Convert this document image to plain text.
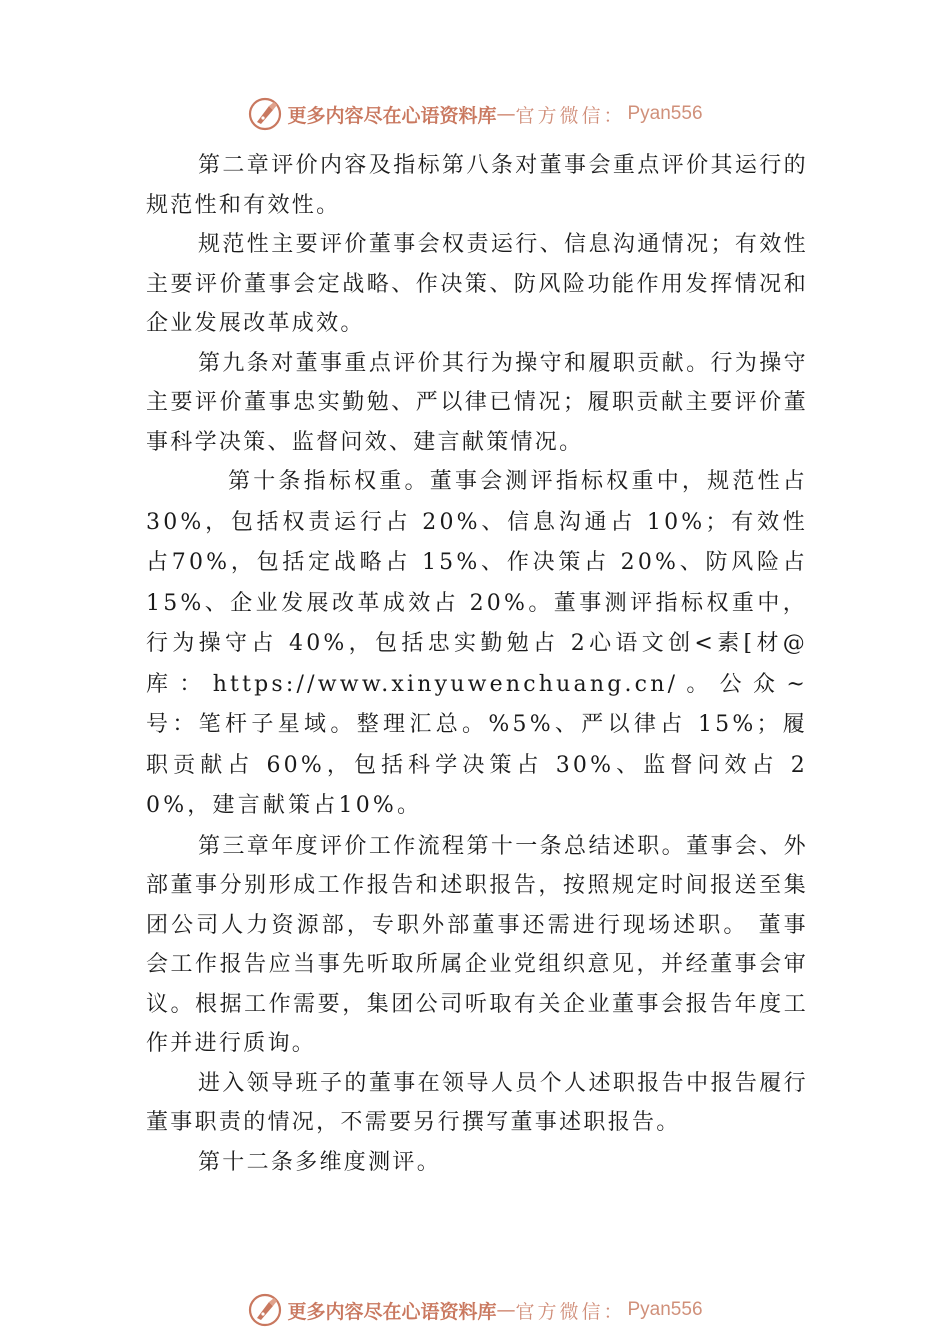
更多内容尽在心语资料库 — 官方微信： Pyan556

第二章评价内容及指标第八条对董事会重点评价其运行的规范性和有效性。

规范性主要评价董事会权责运行、信息沟通情况；有效性主要评价董事会定战略、作决策、防风险功能作用发挥情况和企业发展改革成效。

第九条对董事重点评价其行为操守和履职贡献。行为操守主要评价董事忠实勤勉、严以律已情况；履职贡献主要评价董事科学决策、监督问效、建言献策情况。

第十条指标权重。董事会测评指标权重中，规范性占30%，包括权责运行占 20%、信息沟通占 10%；有效性占70%，包括定战略占 15%、作决策占 20%、防风险占15%、企业发展改革成效占 20%。董事测评指标权重中，行为操守占 40%，包括忠实勤勉占 2心语文创<素[材@库：https://www.xinyuwenchuang.cn/。公众~号：笔杆子星域。整理汇总。%5%、严以律占 15%；履职贡献占 60%，包括科学决策占 30%、监督问效占 20%，建言献策占10%。

第三章年度评价工作流程第十一条总结述职。董事会、外部董事分别形成工作报告和述职报告，按照规定时间报送至集团公司人力资源部，专职外部董事还需进行现场述职。 董事会工作报告应当事先听取所属企业党组织意见，并经董事会审议。根据工作需要，集团公司听取有关企业董事会报告年度工作并进行质询。

进入领导班子的董事在领导人员个人述职报告中报告履行董事职责的情况，不需要另行撰写董事述职报告。

第十二条多维度测评。

更多内容尽在心语资料库 — 官方微信： Pyan556
